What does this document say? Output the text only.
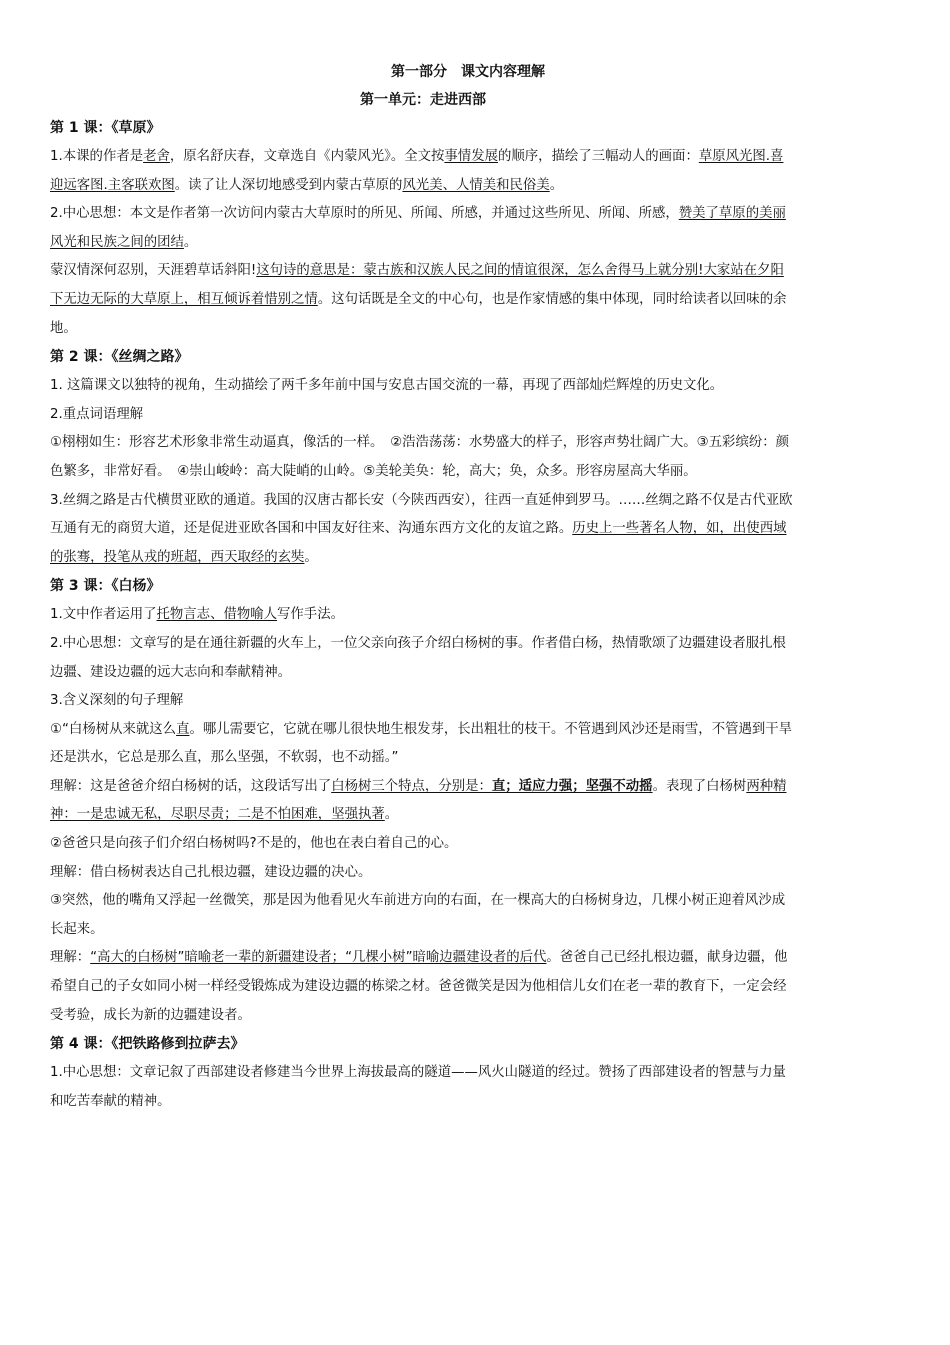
第一部分　课文内容理解
第一单元：走进西部
第 1 课：《草原》

1.本课的作者是老舍，原名舒庆春，文章选自《内蒙风光》。全文按事情发展的顺序，描绘了三幅动人的画面：草原风光图.喜迎远客图.主客联欢图。读了让人深切地感受到内蒙古草原的风光美、人情美和民俗美。

2.中心思想：本文是作者第一次访问内蒙古大草原时的所见、所闻、所感，并通过这些所见、所闻、所感，赞美了草原的美丽风光和民族之间的团结。

蒙汉情深何忍别，天涯碧草话斜阳!这句诗的意思是：蒙古族和汉族人民之间的情谊很深，怎么舍得马上就分别!大家站在夕阳下无边无际的大草原上，相互倾诉着惜别之情。这句话既是全文的中心句，也是作家情感的集中体现，同时给读者以回味的余地。

第 2 课：《丝绸之路》

1. 这篇课文以独特的视角，生动描绘了两千多年前中国与安息古国交流的一幕，再现了西部灿烂辉煌的历史文化。

2.重点词语理解

①栩栩如生：形容艺术形象非常生动逼真，像活的一样。　②浩浩荡荡：水势盛大的样子，形容声势壮阔广大。③五彩缤纷：颜色繁多，非常好看。　④崇山峻岭：高大陡峭的山岭。⑤美轮美奂：轮，高大；奂，众多。形容房屋高大华丽。

3.丝绸之路是古代横贯亚欧的通道。我国的汉唐古都长安（今陕西西安），往西一直延伸到罗马。……丝绸之路不仅是古代亚欧互通有无的商贸大道，还是促进亚欧各国和中国友好往来、沟通东西方文化的友谊之路。历史上一些著名人物，如，出使西域的张骞，投笔从戎的班超，西天取经的玄奘。

第 3 课：《白杨》

1.文中作者运用了托物言志、借物喻人写作手法。

2.中心思想：文章写的是在通往新疆的火车上，一位父亲向孩子介绍白杨树的事。作者借白杨，热情歌颂了边疆建设者服扎根边疆、建设边疆的远大志向和奉献精神。

3.含义深刻的句子理解

①“白杨树从来就这么直。哪儿需要它，它就在哪儿很快地生根发芽，长出粗壮的枝干。不管遇到风沙还是雨雪，不管遇到干旱还是洪水，它总是那么直，那么坚强，不软弱，也不动摇。”

理解：这是爸爸介绍白杨树的话，这段话写出了白杨树三个特点，分别是：直；适应力强；坚强不动摇。表现了白杨树两种精神：一是忠诚无私，尽职尽责；二是不怕困难，坚强执著。

②爸爸只是向孩子们介绍白杨树吗?不是的，他也在表白着自己的心。

理解：借白杨树表达自己扎根边疆，建设边疆的决心。

③突然，他的嘴角又浮起一丝微笑，那是因为他看见火车前进方向的右面，在一棵高大的白杨树身边，几棵小树正迎着风沙成长起来。

理解：“高大的白杨树”暗喻老一辈的新疆建设者；“几棵小树”暗喻边疆建设者的后代。爸爸自己已经扎根边疆，献身边疆，他希望自己的子女如同小树一样经受锻炼成为建设边疆的栋梁之材。爸爸微笑是因为他相信儿女们在老一辈的教育下，一定会经受考验，成长为新的边疆建设者。

第 4 课：《把铁路修到拉萨去》

1.中心思想：文章记叙了西部建设者修建当今世界上海拔最高的隧道——风火山隧道的经过。赞扬了西部建设者的智慧与力量和吃苦奉献的精神。
